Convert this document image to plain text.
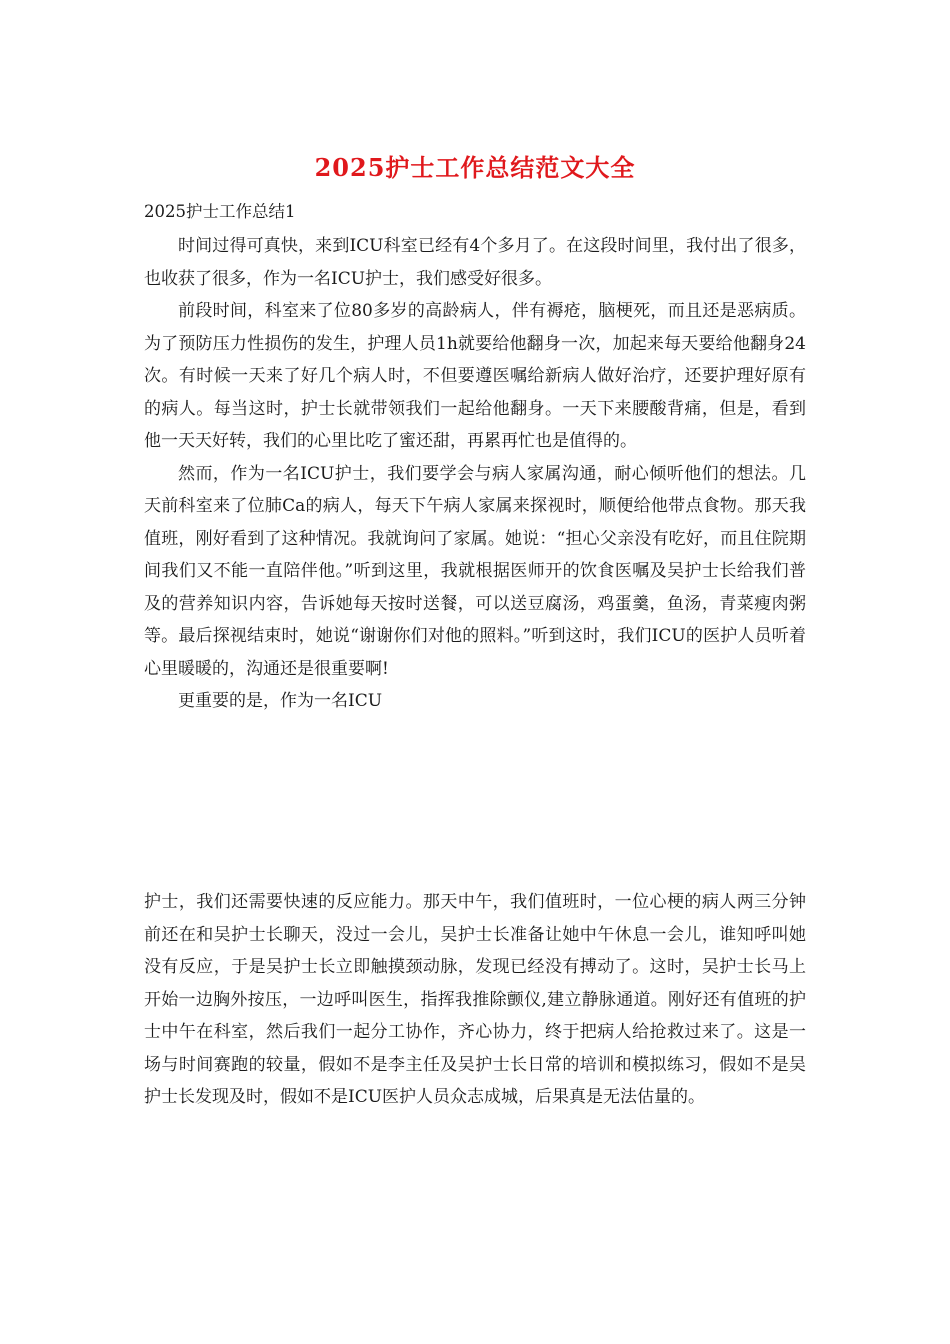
2025护士工作总结范文大全
2025护士工作总结1

时间过得可真快，来到ICU科室已经有4个多月了。在这段时间里，我付出了很多，也收获了很多，作为一名ICU护士，我们感受好很多。

前段时间，科室来了位80多岁的高龄病人，伴有褥疮，脑梗死，而且还是恶病质。为了预防压力性损伤的发生，护理人员1h就要给他翻身一次，加起来每天要给他翻身24次。有时候一天来了好几个病人时，不但要遵医嘱给新病人做好治疗，还要护理好原有的病人。每当这时，护士长就带领我们一起给他翻身。一天下来腰酸背痛，但是，看到他一天天好转，我们的心里比吃了蜜还甜，再累再忙也是值得的。

然而，作为一名ICU护士，我们要学会与病人家属沟通，耐心倾听他们的想法。几天前科室来了位肺Ca的病人，每天下午病人家属来探视时，顺便给他带点食物。那天我值班，刚好看到了这种情况。我就询问了家属。她说：“担心父亲没有吃好，而且住院期间我们又不能一直陪伴他。”听到这里，我就根据医师开的饮食医嘱及吴护士长给我们普及的营养知识内容，告诉她每天按时送餐，可以送豆腐汤，鸡蛋羹，鱼汤，青菜瘦肉粥等。最后探视结束时，她说“谢谢你们对他的照料。”听到这时，我们ICU的医护人员听着心里暖暖的，沟通还是很重要啊!

更重要的是，作为一名ICU

护士，我们还需要快速的反应能力。那天中午，我们值班时，一位心梗的病人两三分钟前还在和吴护士长聊天，没过一会儿，吴护士长准备让她中午休息一会儿，谁知呼叫她没有反应，于是吴护士长立即触摸颈动脉，发现已经没有搏动了。这时，吴护士长马上开始一边胸外按压，一边呼叫医生，指挥我推除颤仪,建立静脉通道。刚好还有值班的护士中午在科室，然后我们一起分工协作，齐心协力，终于把病人给抢救过来了。这是一场与时间赛跑的较量，假如不是李主任及吴护士长日常的培训和模拟练习，假如不是吴护士长发现及时，假如不是ICU医护人员众志成城，后果真是无法估量的。
